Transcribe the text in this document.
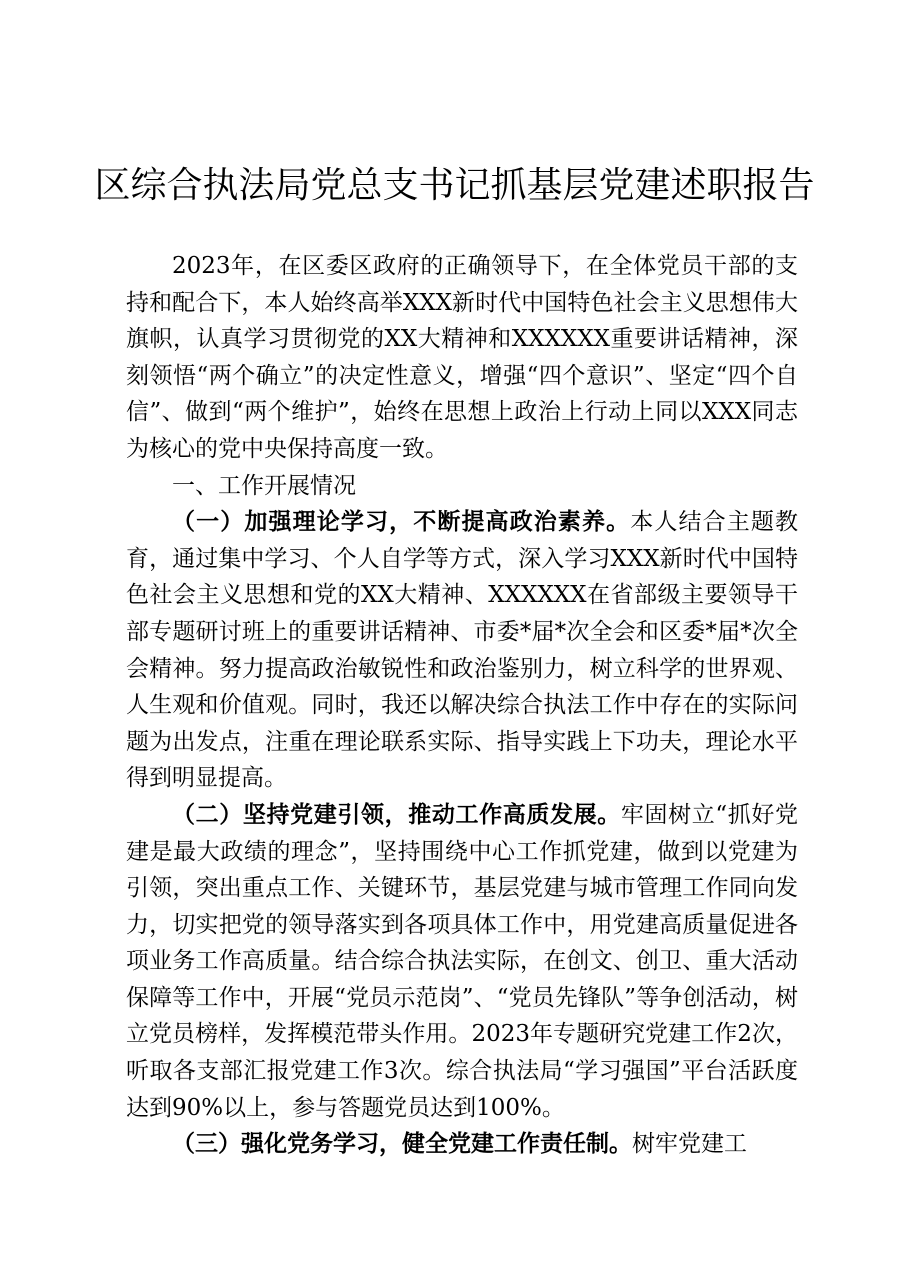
区综合执法局党总支书记抓基层党建述职报告

2023年，在区委区政府的正确领导下，在全体党员干部的支持和配合下，本人始终高举XXX新时代中国特色社会主义思想伟大旗帜，认真学习贯彻党的XX大精神和XXXXXX重要讲话精神，深刻领悟“两个确立”的决定性意义，增强“四个意识”、坚定“四个自信”、做到“两个维护”，始终在思想上政治上行动上同以XXX同志为核心的党中央保持高度一致。

一、工作开展情况

（一）加强理论学习，不断提高政治素养。本人结合主题教育，通过集中学习、个人自学等方式，深入学习XXX新时代中国特色社会主义思想和党的XX大精神、XXXXXX在省部级主要领导干部专题研讨班上的重要讲话精神、市委*届*次全会和区委*届*次全会精神。努力提高政治敏锐性和政治鉴别力，树立科学的世界观、人生观和价值观。同时，我还以解决综合执法工作中存在的实际问题为出发点，注重在理论联系实际、指导实践上下功夫，理论水平得到明显提高。

（二）坚持党建引领，推动工作高质发展。牢固树立“抓好党建是最大政绩的理念”，坚持围绕中心工作抓党建，做到以党建为引领，突出重点工作、关键环节，基层党建与城市管理工作同向发力，切实把党的领导落实到各项具体工作中，用党建高质量促进各项业务工作高质量。结合综合执法实际，在创文、创卫、重大活动保障等工作中，开展“党员示范岗”、“党员先锋队”等争创活动，树立党员榜样，发挥模范带头作用。2023年专题研究党建工作2次，听取各支部汇报党建工作3次。综合执法局“学习强国”平台活跃度达到90%以上，参与答题党员达到100%。

（三）强化党务学习，健全党建工作责任制。树牢党建工
